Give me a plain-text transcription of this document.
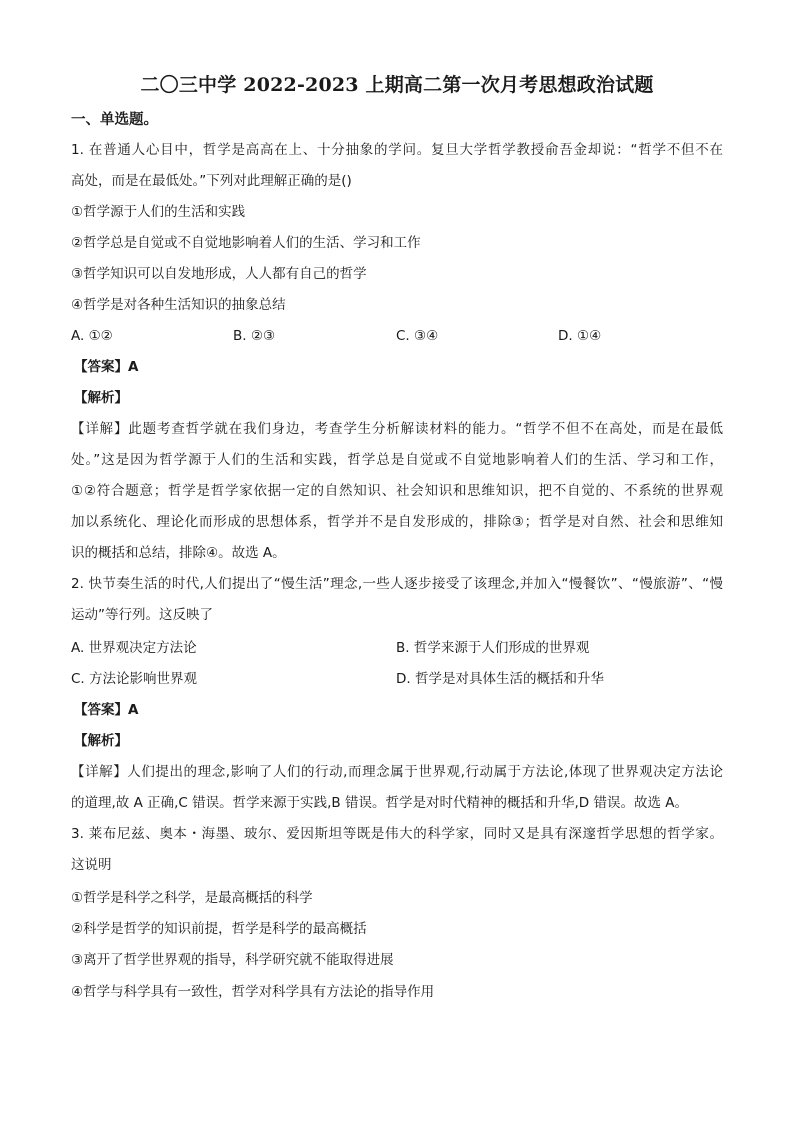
二〇三中学 2022-2023 上期高二第一次月考思想政治试题
一、单选题。
1. 在普通人心目中，哲学是高高在上、十分抽象的学问。复旦大学哲学教授俞吾金却说：“哲学不但不在
高处，而是在最低处。”下列对此理解正确的是()
①哲学源于人们的生活和实践
②哲学总是自觉或不自觉地影响着人们的生活、学习和工作
③哲学知识可以自发地形成，人人都有自己的哲学
④哲学是对各种生活知识的抽象总结
A. ①②	B. ②③	C. ③④	D. ①④
【答案】A
【解析】
【详解】此题考查哲学就在我们身边，考查学生分析解读材料的能力。“哲学不但不在高处，而是在最低
处。”这是因为哲学源于人们的生活和实践，哲学总是自觉或不自觉地影响着人们的生活、学习和工作，
①②符合题意；哲学是哲学家依据一定的自然知识、社会知识和思维知识，把不自觉的、不系统的世界观
加以系统化、理论化而形成的思想体系，哲学并不是自发形成的，排除③；哲学是对自然、社会和思维知
识的概括和总结，排除④。故选 A。
2. 快节奏生活的时代,人们提出了“慢生活”理念,一些人逐步接受了该理念,并加入“慢餐饮”、“慢旅游”、“慢
运动”等行列。这反映了
A. 世界观决定方法论	B. 哲学来源于人们形成的世界观
C. 方法论影响世界观	D. 哲学是对具体生活的概括和升华
【答案】A
【解析】
【详解】人们提出的理念,影响了人们的行动,而理念属于世界观,行动属于方法论,体现了世界观决定方法论
的道理,故 A 正确,C 错误。哲学来源于实践,B 错误。哲学是对时代精神的概括和升华,D 错误。故选 A。
3. 莱布尼兹、奥本・海墨、玻尔、爱因斯坦等既是伟大的科学家，同时又是具有深邃哲学思想的哲学家。
这说明
①哲学是科学之科学，是最高概括的科学
②科学是哲学的知识前提，哲学是科学的最高概括
③离开了哲学世界观的指导，科学研究就不能取得进展
④哲学与科学具有一致性，哲学对科学具有方法论的指导作用
